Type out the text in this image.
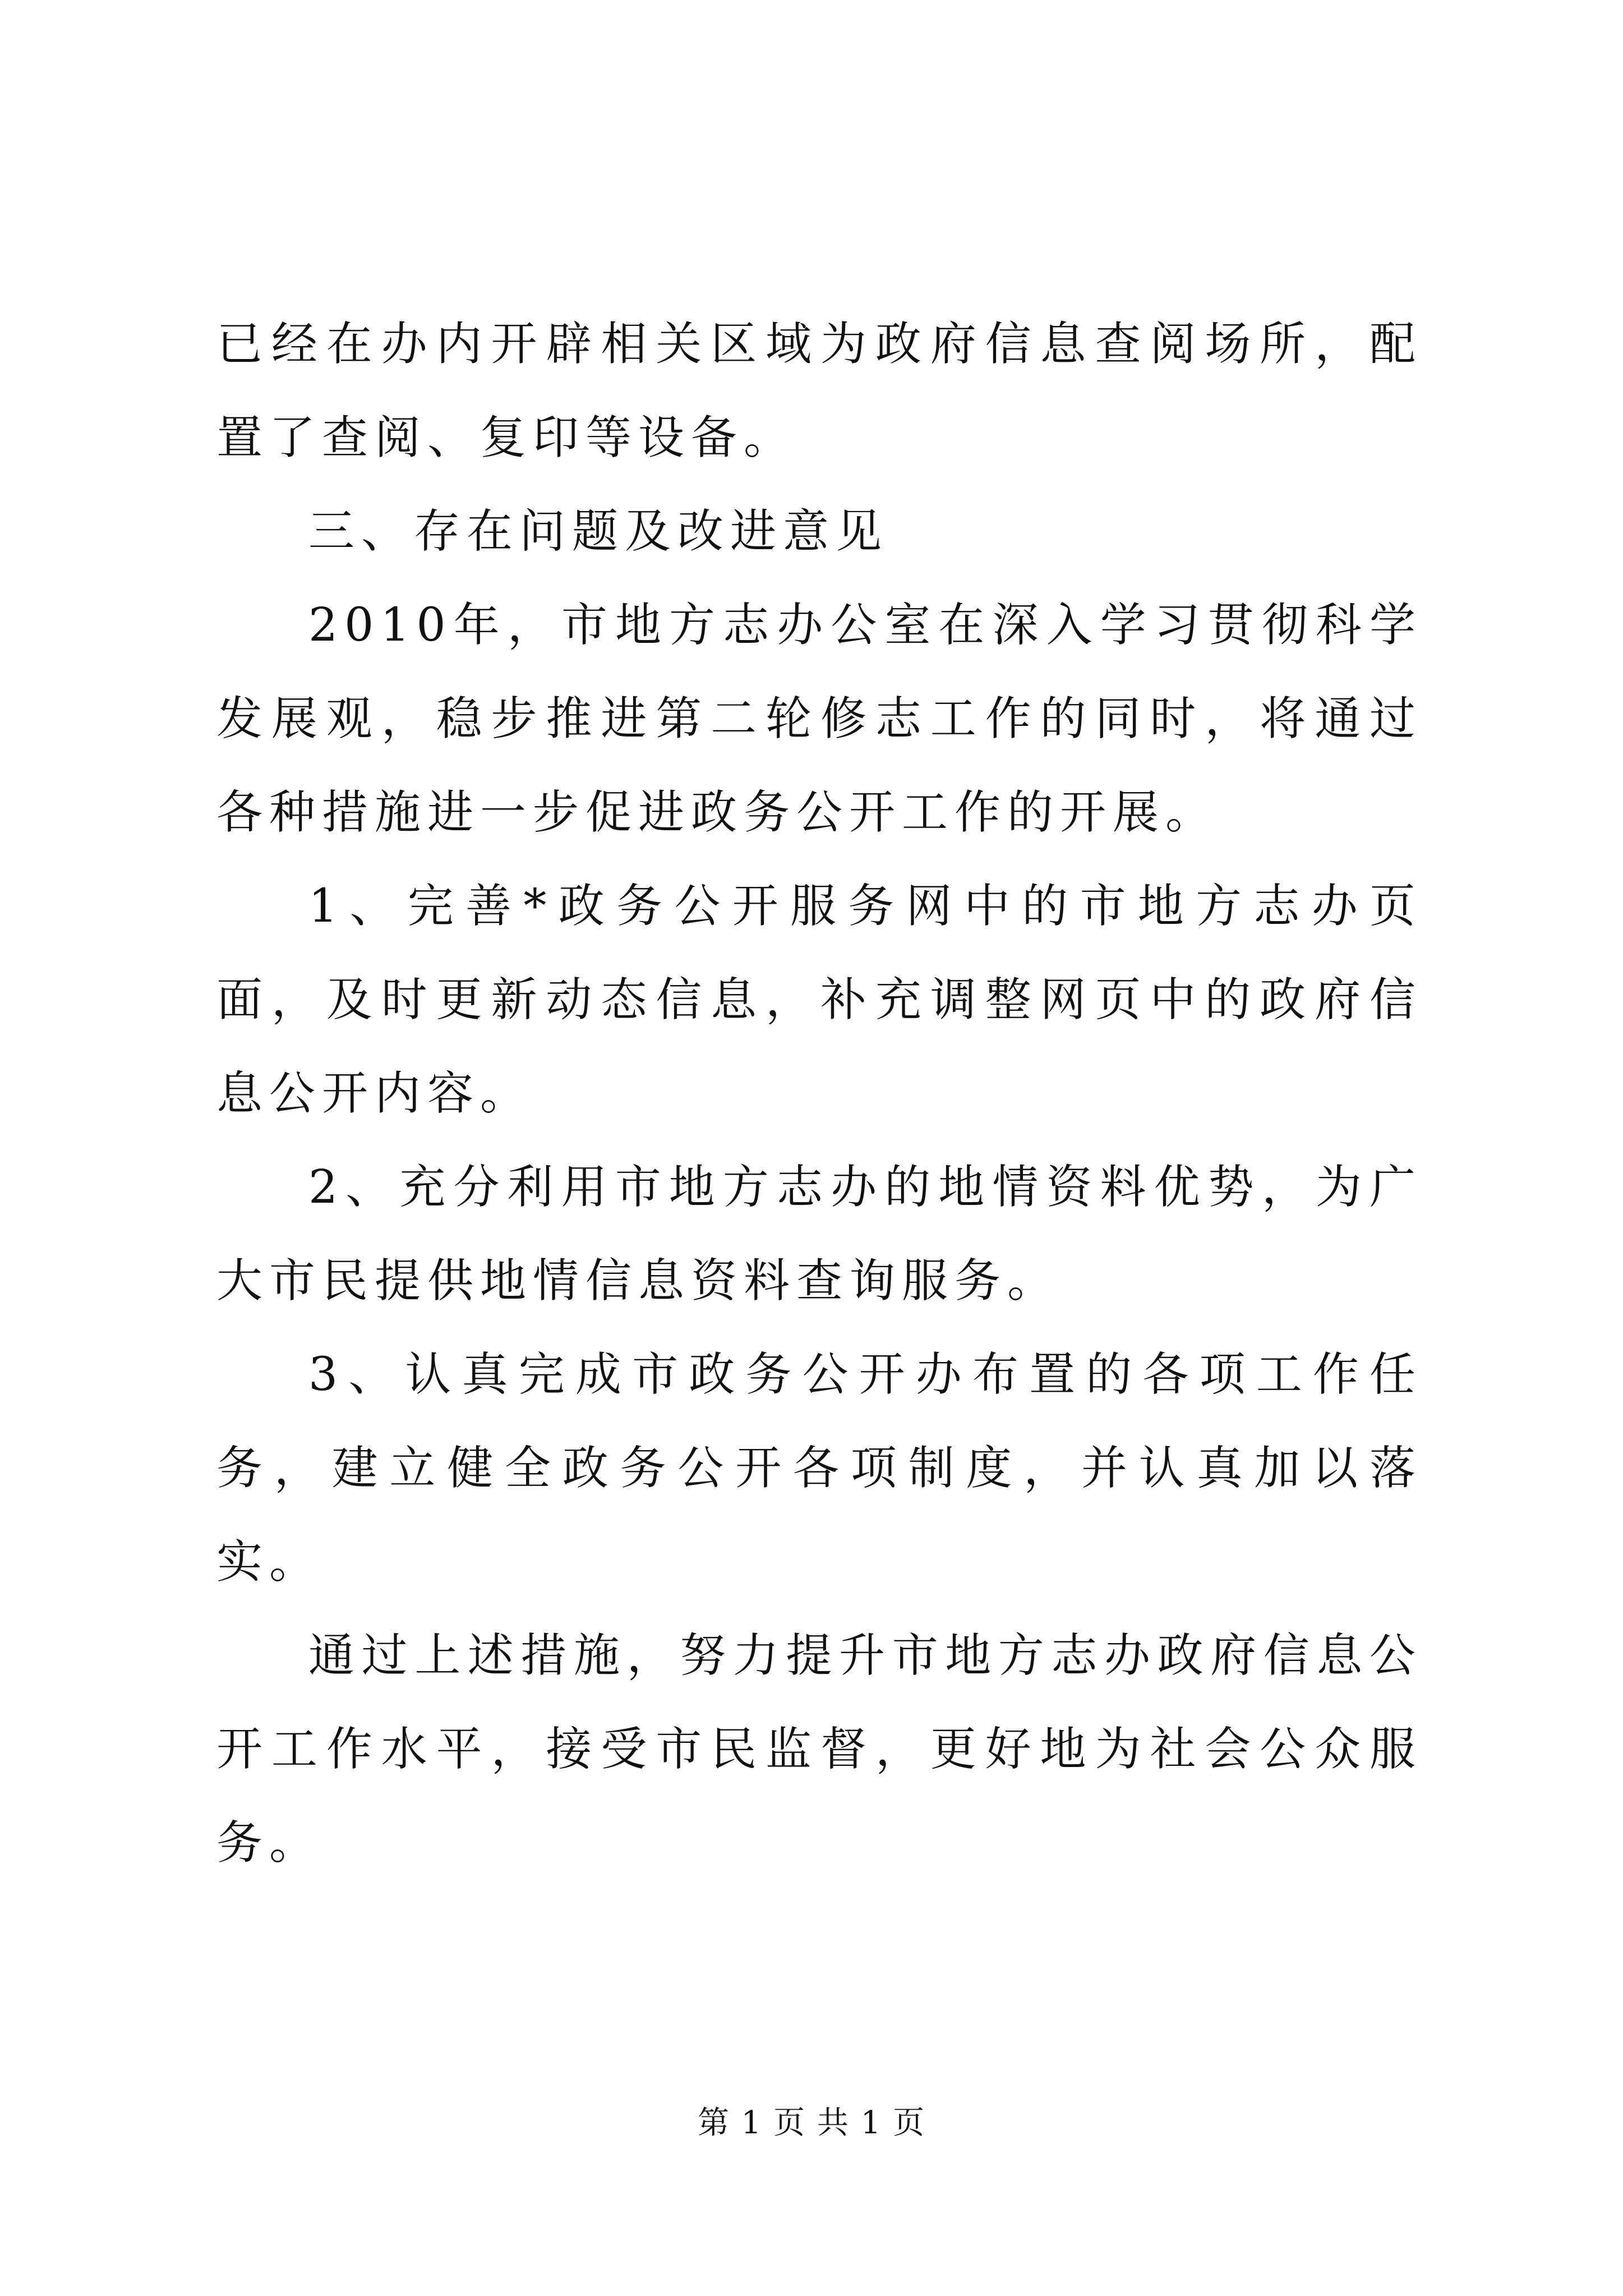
已经在办内开辟相关区域为政府信息查阅场所，配置了查阅、复印等设备。

三、存在问题及改进意见

2010年，市地方志办公室在深入学习贯彻科学发展观，稳步推进第二轮修志工作的同时，将通过各种措施进一步促进政务公开工作的开展。

1、完善*政务公开服务网中的市地方志办页面，及时更新动态信息，补充调整网页中的政府信息公开内容。

2、充分利用市地方志办的地情资料优势，为广大市民提供地情信息资料查询服务。

3、认真完成市政务公开办布置的各项工作任务，建立健全政务公开各项制度，并认真加以落实。

通过上述措施，努力提升市地方志办政府信息公开工作水平，接受市民监督，更好地为社会公众服务。

第 1 页 共 1 页
